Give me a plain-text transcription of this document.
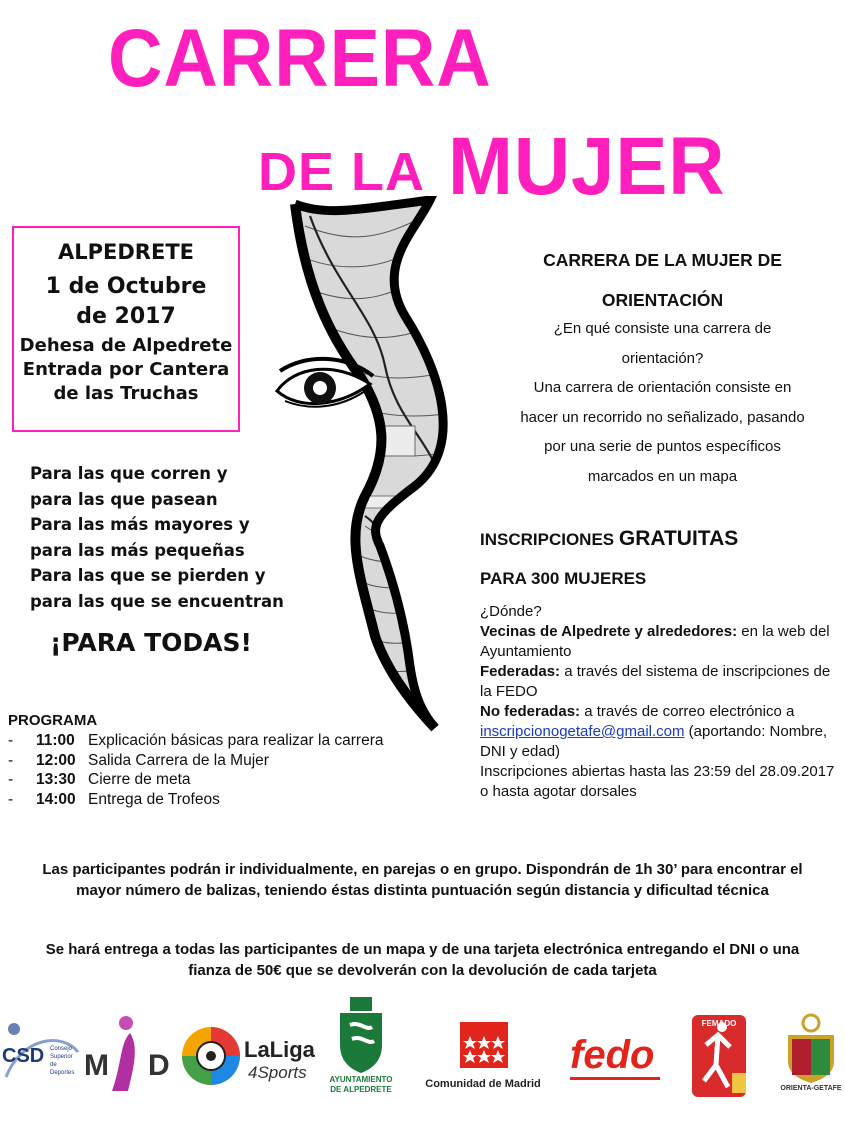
CARRERA
DE LA MUJER
ALPEDRETE
1 de Octubre
de 2017
Dehesa de Alpedrete
Entrada por Cantera
de las Truchas
Para las que corren y
para las que pasean
Para las más mayores y
para las más pequeñas
Para las que se pierden y
para las que se encuentran
¡PARA TODAS!
PROGRAMA
- 11:00 Explicación básicas para realizar la carrera
- 12:00 Salida Carrera de la Mujer
- 13:30 Cierre de meta
- 14:00 Entrega de Trofeos
CARRERA DE LA MUJER DE
ORIENTACIÓN
¿En qué consiste una carrera de
orientación?
Una carrera de orientación consiste en
hacer un recorrido no señalizado, pasando
por una serie de puntos específicos
marcados en un mapa
INSCRIPCIONES GRATUITAS
PARA 300 MUJERES
¿Dónde?
Vecinas de Alpedrete y alrededores: en la web del Ayuntamiento
Federadas: a través del sistema de inscripciones de la FEDO
No federadas: a través de correo electrónico a inscripcionogetafe@gmail.com (aportando: Nombre, DNI y edad)
Inscripciones abiertas hasta las 23:59 del 28.09.2017 o hasta agotar dorsales
Las participantes podrán ir individualmente, en parejas o en grupo. Dispondrán de 1h 30’ para encontrar el mayor número de balizas, teniendo éstas distinta puntuación según distancia y dificultad técnica
Se hará entrega a todas las participantes de un mapa y de una tarjeta electrónica entregando el DNI o una fianza de 50€ que se devolverán con la devolución de cada tarjeta
CSD Consejo
Superior de
Deportes M D	LaLiga
4Sports	AYUNTAMIENTO
DE ALPEDRETE	Comunidad de Madrid
fedo
FEMADO
ORIENTA-GETAFE
